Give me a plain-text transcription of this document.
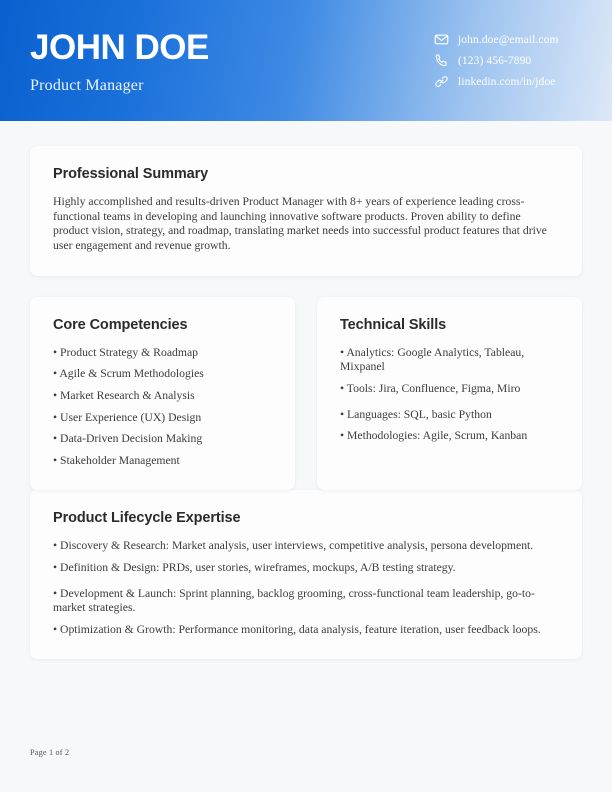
JOHN DOE
Product Manager
john.doe@email.com
(123) 456-7890
linkedin.com/in/jdoe
Professional Summary
Highly accomplished and results-driven Product Manager with 8+ years of experience leading cross-functional teams in developing and launching innovative software products. Proven ability to define product vision, strategy, and roadmap, translating market needs into successful product features that drive user engagement and revenue growth.
Core Competencies
• Product Strategy & Roadmap
• Agile & Scrum Methodologies
• Market Research & Analysis
• User Experience (UX) Design
• Data-Driven Decision Making
• Stakeholder Management
Technical Skills
• Analytics: Google Analytics, Tableau, Mixpanel
• Tools: Jira, Confluence, Figma, Miro
• Languages: SQL, basic Python
• Methodologies: Agile, Scrum, Kanban
Product Lifecycle Expertise
• Discovery & Research: Market analysis, user interviews, competitive analysis, persona development.
• Definition & Design: PRDs, user stories, wireframes, mockups, A/B testing strategy.
• Development & Launch: Sprint planning, backlog grooming, cross-functional team leadership, go-to-market strategies.
• Optimization & Growth: Performance monitoring, data analysis, feature iteration, user feedback loops.
Page 1 of 2
